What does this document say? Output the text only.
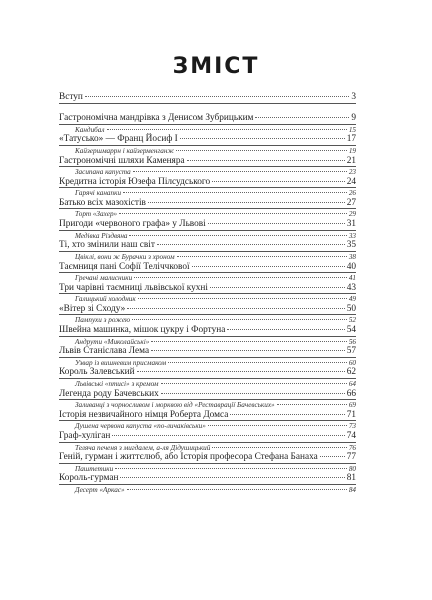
ЗМІСТ
Вступ	3
Гастрономічна мандрівка з Денисом Зубрицьким	9
Кандибал	15
«Татусько» — Франц Йосиф І	17
Кайзершмаррн і кайзерменганж	19
Гастрономічні шляхи Каменяра	21
Засипана капуста	23
Кредитна історія Юзефа Пілсудського	24
Гарячі канапки	26
Батько всіх мазохістів	27
Торт «Захер»	29
Пригоди «червоного графа» у Львові	31
Медівка Різдвяна	33
Ті, хто змінили наш світ	35
Цвіклі, вони ж Бурачки з хроном	38
Таємниця пані Софії Теліччкової	40
Гречані малисники	41
Три чарівні таємниці львівської кухні	43
Галицький холодник	49
«Вітер зі Сходу»	50
Пампухи з рожею	52
Швейна машинка, мішок цукру і Фортуна	54
Андрути «Миколайські»	56
Львів Станіслава Лема	57
Узвар із вишневим присмаком	60
Король Залевський	62
Львівські «птисі» з кремом	64
Легенда роду Бачевських	66
Заливанці з чорносливом і морквою від «Реставрації Бачевських»	69
Історія незвичайного німця Роберта Домса	71
Душена червона капуста «по-личаківськи»	73
Граф-хуліган	74
Теляча печеня з мигдалем, а-ля Дідушицький	76
Геній, гурман і життєлюб, або Історія професора Стефана Банаха	77
Паштетики	80
Король-гурман	81
Десерт «Аркас»	84
